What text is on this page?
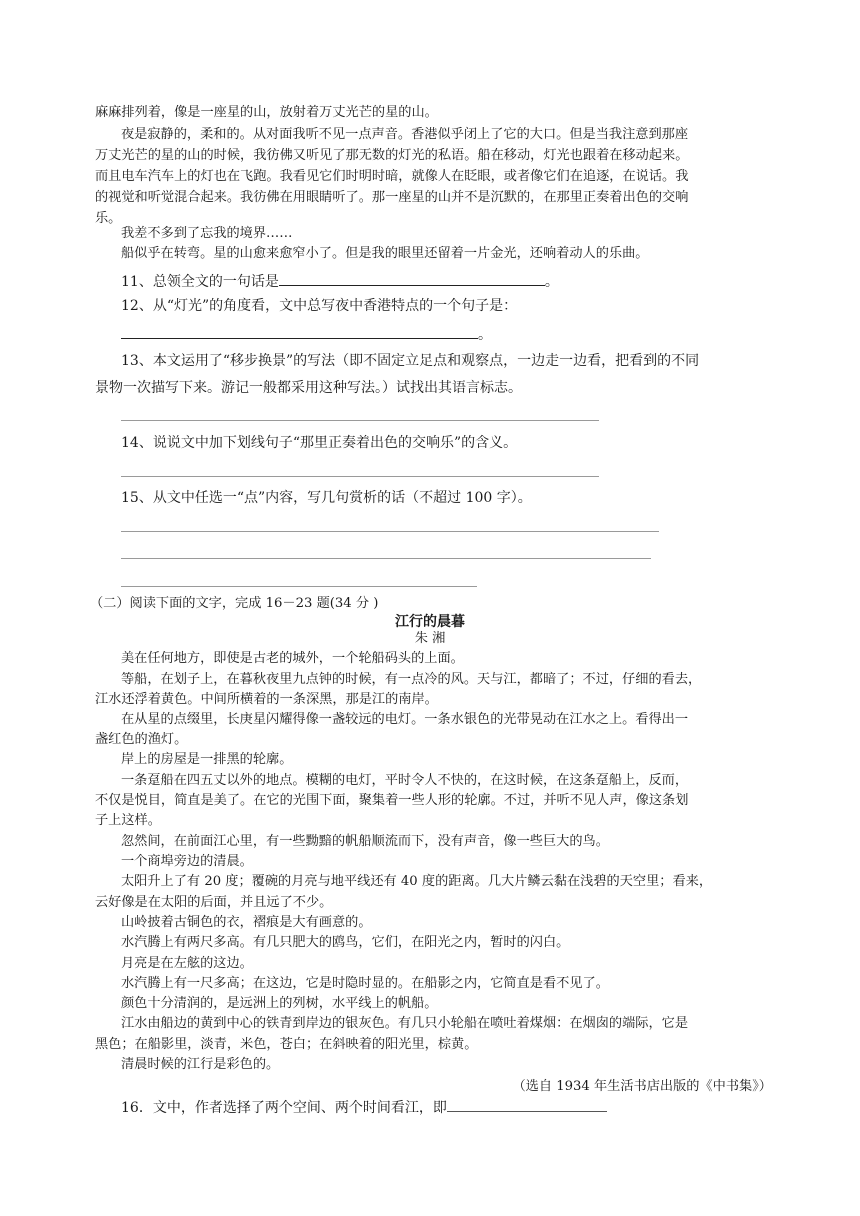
麻麻排列着，像是一座星的山，放射着万丈光芒的星的山。
夜是寂静的，柔和的。从对面我听不见一点声音。香港似乎闭上了它的大口。但是当我注意到那座
万丈光芒的星的山的时候，我彷佛又听见了那无数的灯光的私语。船在移动，灯光也跟着在移动起来。
而且电车汽车上的灯也在飞跑。我看见它们时明时暗，就像人在眨眼，或者像它们在追逐，在说话。我
的视觉和听觉混合起来。我彷佛在用眼睛听了。那一座星的山并不是沉默的，在那里正奏着出色的交响
乐。
我差不多到了忘我的境界……
船似乎在转弯。星的山愈来愈窄小了。但是我的眼里还留着一片金光，还响着动人的乐曲。
11、总领全文的一句话是	。
12、从“灯光”的角度看，文中总写夜中香港特点的一个句子是：
。
13、本文运用了“移步换景”的写法（即不固定立足点和观察点，一边走一边看，把看到的不同
景物一次描写下来。游记一般都采用这种写法。）试找出其语言标志。
14、说说文中加下划线句子“那里正奏着出色的交响乐”的含义。
15、从文中任选一“点”内容，写几句赏析的话（不超过 100 字）。
（二）阅读下面的文字，完成 16－23 题(34 分 )
江行的晨暮
朱 湘
美在任何地方，即使是古老的城外，一个轮船码头的上面。
等船，在划子上，在暮秋夜里九点钟的时候，有一点冷的风。天与江，都暗了；不过，仔细的看去，
江水还浮着黄色。中间所横着的一条深黑，那是江的南岸。
在从星的点缀里，长庚星闪耀得像一盏较远的电灯。一条水银色的光带晃动在江水之上。看得出一
盏红色的渔灯。
岸上的房屋是一排黑的轮廓。
一条趸船在四五丈以外的地点。模糊的电灯，平时令人不快的，在这时候，在这条趸船上，反而，
不仅是悦目，简直是美了。在它的光围下面，聚集着一些人形的轮廓。不过，并听不见人声，像这条划
子上这样。
忽然间，在前面江心里，有一些黝黯的帆船顺流而下，没有声音，像一些巨大的鸟。
一个商埠旁边的清晨。
太阳升上了有 20 度；覆碗的月亮与地平线还有 40 度的距离。几大片鳞云黏在浅碧的天空里；看来，
云好像是在太阳的后面，并且远了不少。
山岭披着古铜色的衣，褶痕是大有画意的。
水汽腾上有两尺多高。有几只肥大的鸥鸟，它们，在阳光之内，暂时的闪白。
月亮是在左舷的这边。
水汽腾上有一尺多高；在这边，它是时隐时显的。在船影之内，它简直是看不见了。
颜色十分清润的，是远洲上的列树，水平线上的帆船。
江水由船边的黄到中心的铁青到岸边的银灰色。有几只小轮船在喷吐着煤烟：在烟囱的端际，它是
黑色；在船影里，淡青，米色，苍白；在斜映着的阳光里，棕黄。
清晨时候的江行是彩色的。
（选自 1934 年生活书店出版的《中书集》）
16．文中，作者选择了两个空间、两个时间看江，即
